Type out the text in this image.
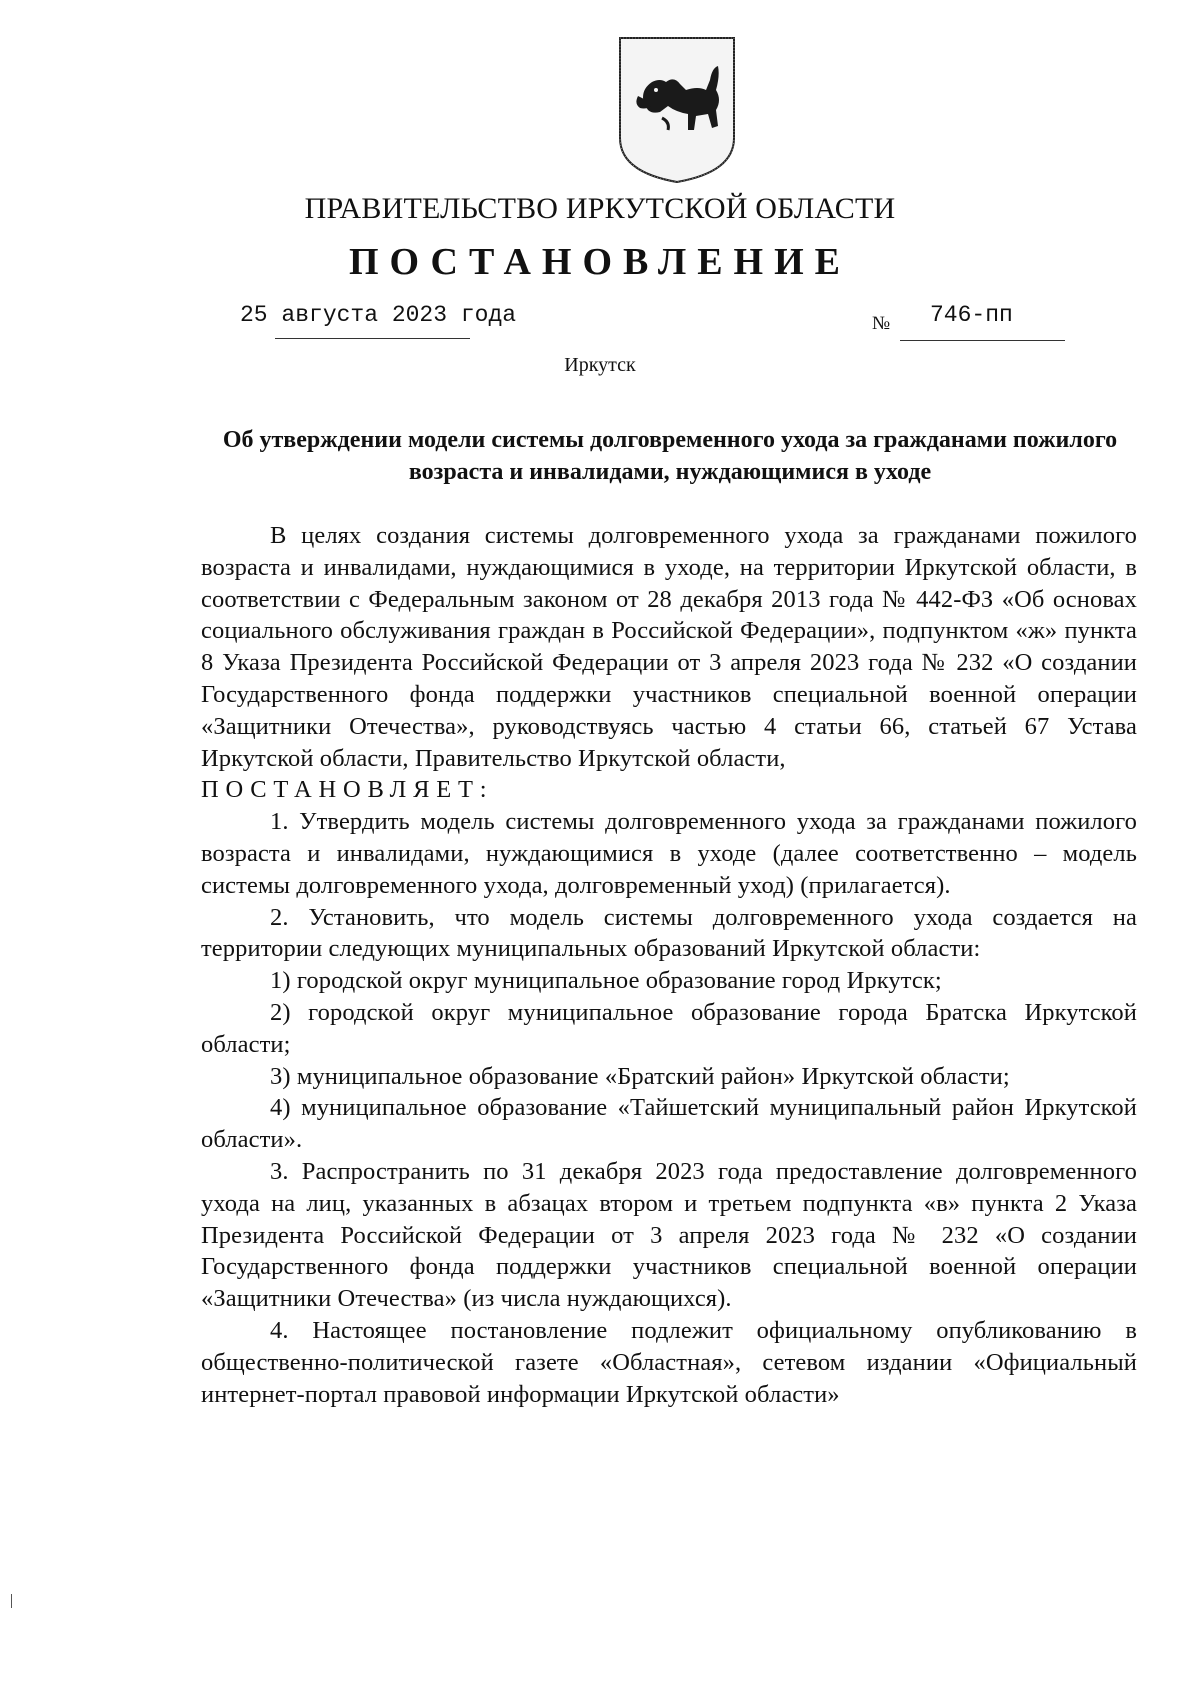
ПРАВИТЕЛЬСТВО ИРКУТСКОЙ ОБЛАСТИ
ПОСТАНОВЛЕНИЕ
25 августа 2023 года	№ 746-пп
Иркутск
Об утверждении модели системы долговременного ухода за гражданами пожилого возраста и инвалидами, нуждающимися в уходе

В целях создания системы долговременного ухода за гражданами пожилого возраста и инвалидами, нуждающимися в уходе, на территории Иркутской области, в соответствии с Федеральным законом от 28 декабря 2013 года № 442-ФЗ «Об основах социального обслуживания граждан в Российской Федерации», подпунктом «ж» пункта 8 Указа Президента Российской Федерации от 3 апреля 2023 года № 232 «О создании Государственного фонда поддержки участников специальной военной операции «Защитники Отечества», руководствуясь частью 4 статьи 66, статьей 67 Устава Иркутской области, Правительство Иркутской области,

ПОСТАНОВЛЯЕТ:

1. Утвердить модель системы долговременного ухода за гражданами пожилого возраста и инвалидами, нуждающимися в уходе (далее соответственно – модель системы долговременного ухода, долговременный уход) (прилагается).

2. Установить, что модель системы долговременного ухода создается на территории следующих муниципальных образований Иркутской области:

1) городской округ муниципальное образование город Иркутск;

2) городской округ муниципальное образование города Братска Иркутской области;

3) муниципальное образование «Братский район» Иркутской области;

4) муниципальное образование «Тайшетский муниципальный район Иркутской области».

3. Распространить по 31 декабря 2023 года предоставление долговременного ухода на лиц, указанных в абзацах втором и третьем подпункта «в» пункта 2 Указа Президента Российской Федерации от 3 апреля 2023 года № 232 «О создании Государственного фонда поддержки участников специальной военной операции «Защитники Отечества» (из числа нуждающихся).

4. Настоящее постановление подлежит официальному опубликованию в общественно-политической газете «Областная», сетевом издании «Официальный интернет-портал правовой информации Иркутской области»
